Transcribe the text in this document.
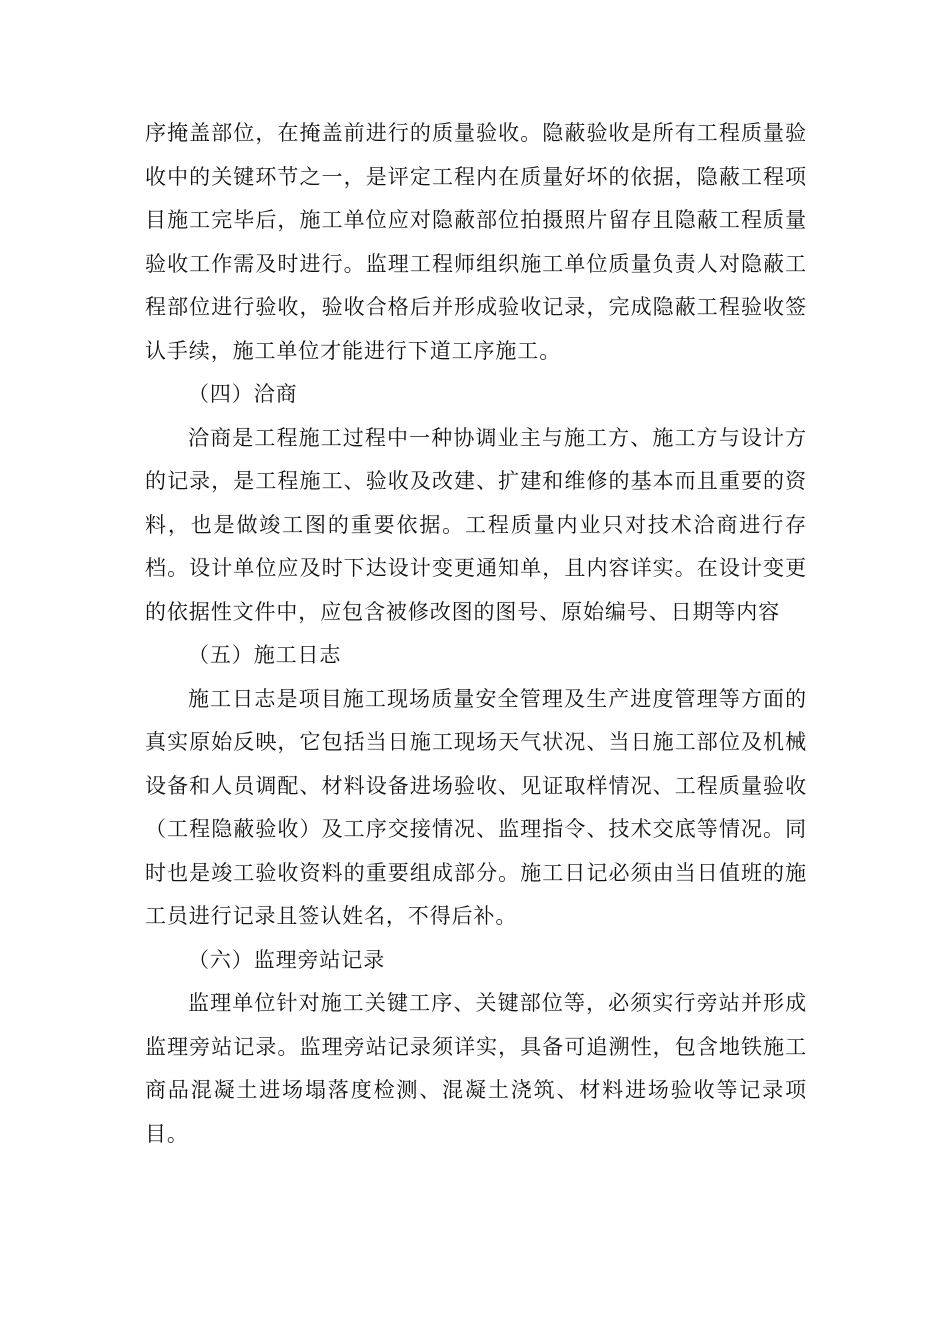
序掩盖部位，在掩盖前进行的质量验收。隐蔽验收是所有工程质量验收中的关键环节之一，是评定工程内在质量好坏的依据，隐蔽工程项目施工完毕后，施工单位应对隐蔽部位拍摄照片留存且隐蔽工程质量验收工作需及时进行。监理工程师组织施工单位质量负责人对隐蔽工程部位进行验收，验收合格后并形成验收记录，完成隐蔽工程验收签认手续，施工单位才能进行下道工序施工。

（四）洽商

洽商是工程施工过程中一种协调业主与施工方、施工方与设计方的记录，是工程施工、验收及改建、扩建和维修的基本而且重要的资料，也是做竣工图的重要依据。工程质量内业只对技术洽商进行存档。设计单位应及时下达设计变更通知单，且内容详实。在设计变更的依据性文件中，应包含被修改图的图号、原始编号、日期等内容

（五）施工日志

施工日志是项目施工现场质量安全管理及生产进度管理等方面的真实原始反映，它包括当日施工现场天气状况、当日施工部位及机械设备和人员调配、材料设备进场验收、见证取样情况、工程质量验收（工程隐蔽验收）及工序交接情况、监理指令、技术交底等情况。同时也是竣工验收资料的重要组成部分。施工日记必须由当日值班的施工员进行记录且签认姓名，不得后补。

（六）监理旁站记录

监理单位针对施工关键工序、关键部位等，必须实行旁站并形成监理旁站记录。监理旁站记录须详实，具备可追溯性，包含地铁施工商品混凝土进场塌落度检测、混凝土浇筑、材料进场验收等记录项目。
